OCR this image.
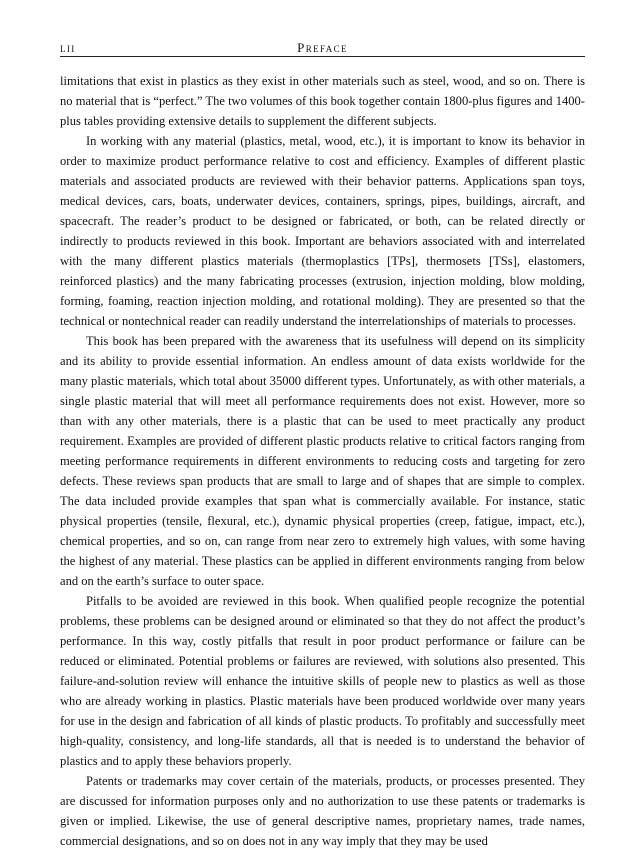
lii	Preface

limitations that exist in plastics as they exist in other materials such as steel, wood, and so on. There is no material that is “perfect.” The two volumes of this book together contain 1800-plus figures and 1400-plus tables providing extensive details to supplement the different subjects.

In working with any material (plastics, metal, wood, etc.), it is important to know its behavior in order to maximize product performance relative to cost and efficiency. Examples of different plastic materials and associated products are reviewed with their behavior patterns. Applications span toys, medical devices, cars, boats, underwater devices, containers, springs, pipes, buildings, aircraft, and spacecraft. The reader’s product to be designed or fabricated, or both, can be related directly or indirectly to products reviewed in this book. Important are behaviors associated with and interrelated with the many different plastics materials (thermoplastics [TPs], thermosets [TSs], elastomers, reinforced plastics) and the many fabricating processes (extrusion, injection molding, blow molding, forming, foaming, reaction injection molding, and rotational molding). They are presented so that the technical or nontechnical reader can readily understand the interrelationships of materials to processes.

This book has been prepared with the awareness that its usefulness will depend on its simplicity and its ability to provide essential information. An endless amount of data exists worldwide for the many plastic materials, which total about 35000 different types. Unfortunately, as with other materials, a single plastic material that will meet all performance requirements does not exist. However, more so than with any other materials, there is a plastic that can be used to meet practically any product requirement. Examples are provided of different plastic products relative to critical factors ranging from meeting performance requirements in different environments to reducing costs and targeting for zero defects. These reviews span products that are small to large and of shapes that are simple to complex. The data included provide examples that span what is commercially available. For instance, static physical properties (tensile, flexural, etc.), dynamic physical properties (creep, fatigue, impact, etc.), chemical properties, and so on, can range from near zero to extremely high values, with some having the highest of any material. These plastics can be applied in different environments ranging from below and on the earth’s surface to outer space.

Pitfalls to be avoided are reviewed in this book. When qualified people recognize the potential problems, these problems can be designed around or eliminated so that they do not affect the product’s performance. In this way, costly pitfalls that result in poor product performance or failure can be reduced or eliminated. Potential problems or failures are reviewed, with solutions also presented. This failure-and-solution review will enhance the intuitive skills of people new to plastics as well as those who are already working in plastics. Plastic materials have been produced worldwide over many years for use in the design and fabrication of all kinds of plastic products. To profitably and successfully meet high-quality, consistency, and long-life standards, all that is needed is to understand the behavior of plastics and to apply these behaviors properly.

Patents or trademarks may cover certain of the materials, products, or processes presented. They are discussed for information purposes only and no authorization to use these patents or trademarks is given or implied. Likewise, the use of general descriptive names, proprietary names, trade names, commercial designations, and so on does not in any way imply that they may be used
